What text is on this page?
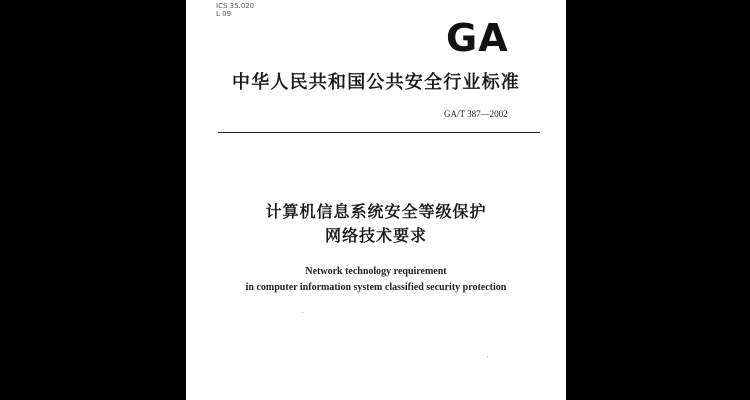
ICS 35.020
L 09
GA
中华人民共和国公共安全行业标准
GA/T 387—2002
计算机信息系统安全等级保护
网络技术要求
Network technology requirement
in computer information system classified security protection
